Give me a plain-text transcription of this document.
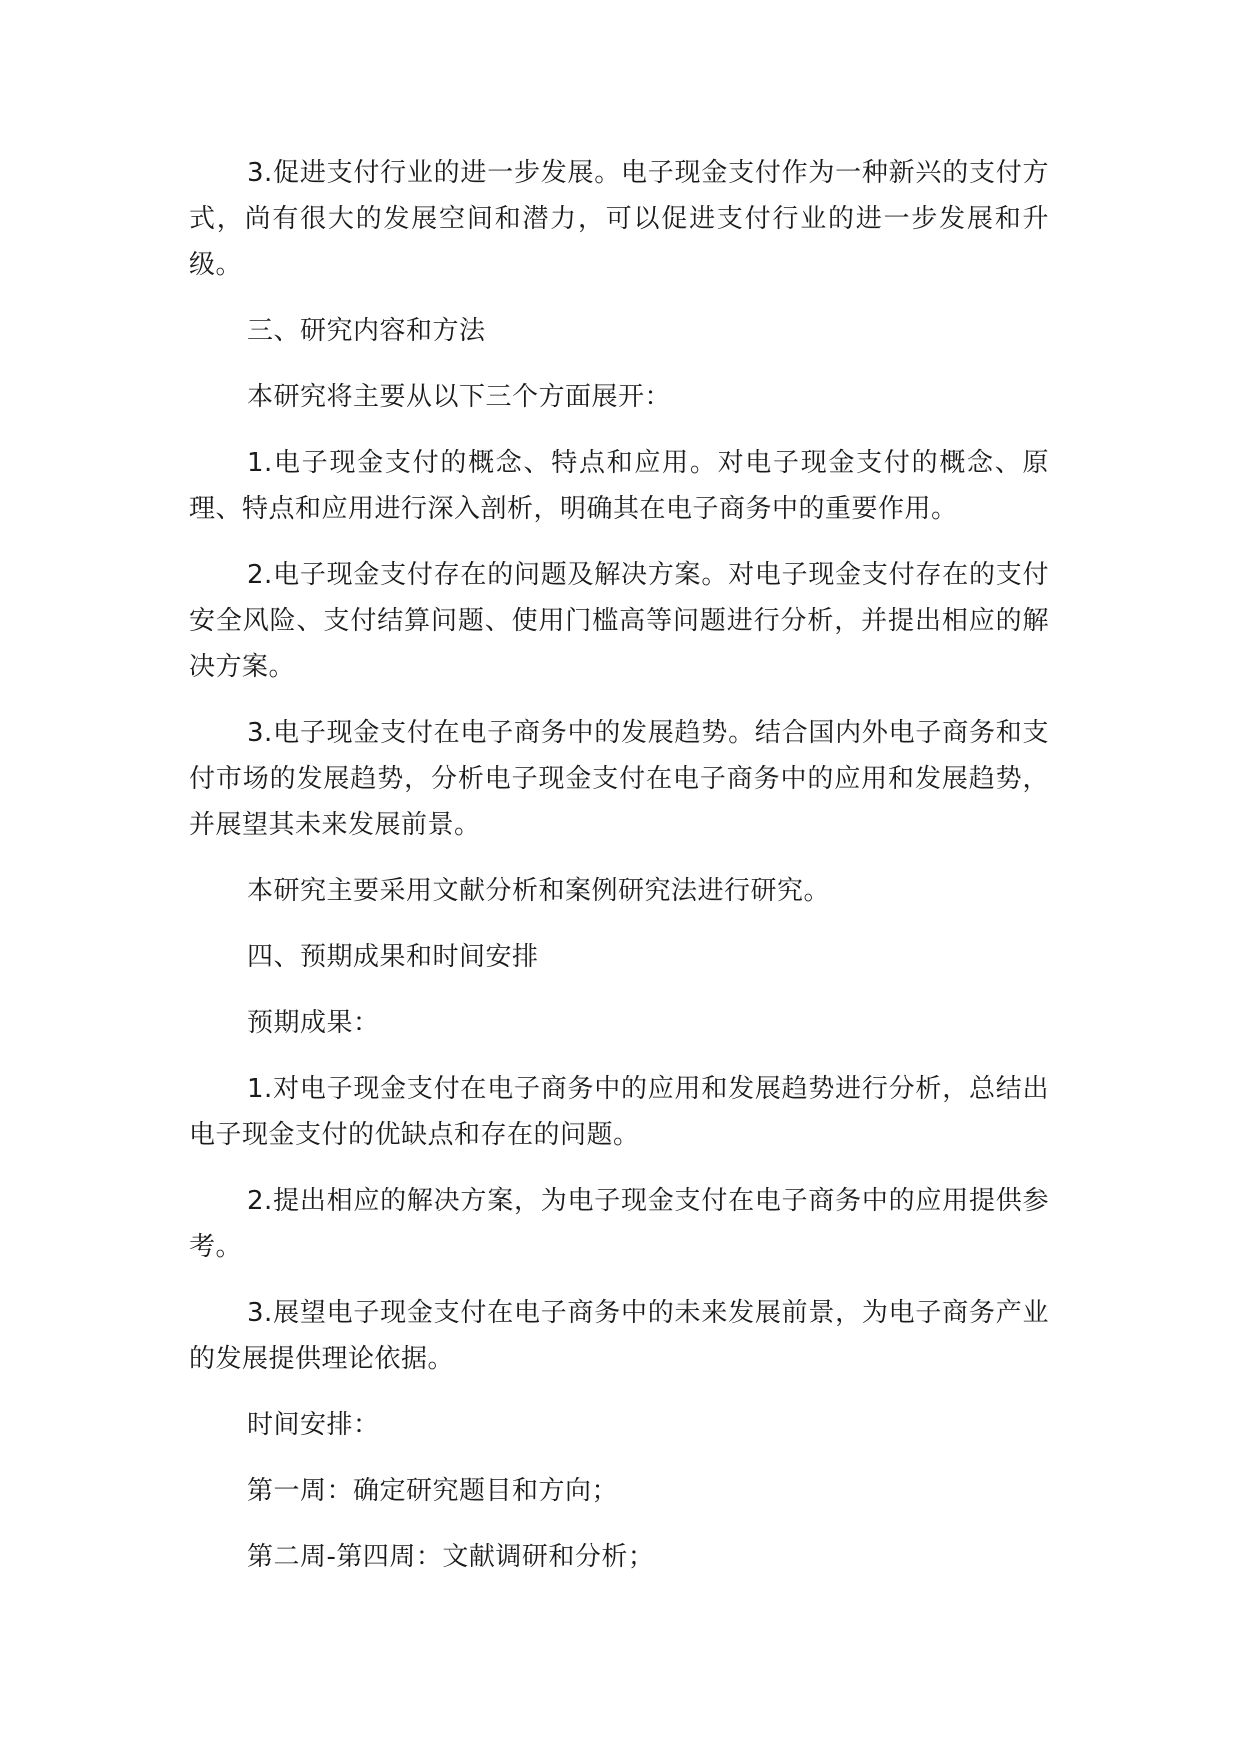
3.促进支付行业的进一步发展。电子现金支付作为一种新兴的支付方式，尚有很大的发展空间和潜力，可以促进支付行业的进一步发展和升级。

三、研究内容和方法

本研究将主要从以下三个方面展开：

1.电子现金支付的概念、特点和应用。对电子现金支付的概念、原理、特点和应用进行深入剖析，明确其在电子商务中的重要作用。

2.电子现金支付存在的问题及解决方案。对电子现金支付存在的支付安全风险、支付结算问题、使用门槛高等问题进行分析，并提出相应的解决方案。

3.电子现金支付在电子商务中的发展趋势。结合国内外电子商务和支付市场的发展趋势，分析电子现金支付在电子商务中的应用和发展趋势，并展望其未来发展前景。

本研究主要采用文献分析和案例研究法进行研究。

四、预期成果和时间安排

预期成果：

1.对电子现金支付在电子商务中的应用和发展趋势进行分析，总结出电子现金支付的优缺点和存在的问题。

2.提出相应的解决方案，为电子现金支付在电子商务中的应用提供参考。

3.展望电子现金支付在电子商务中的未来发展前景，为电子商务产业的发展提供理论依据。

时间安排：

第一周：确定研究题目和方向；

第二周-第四周：文献调研和分析；
